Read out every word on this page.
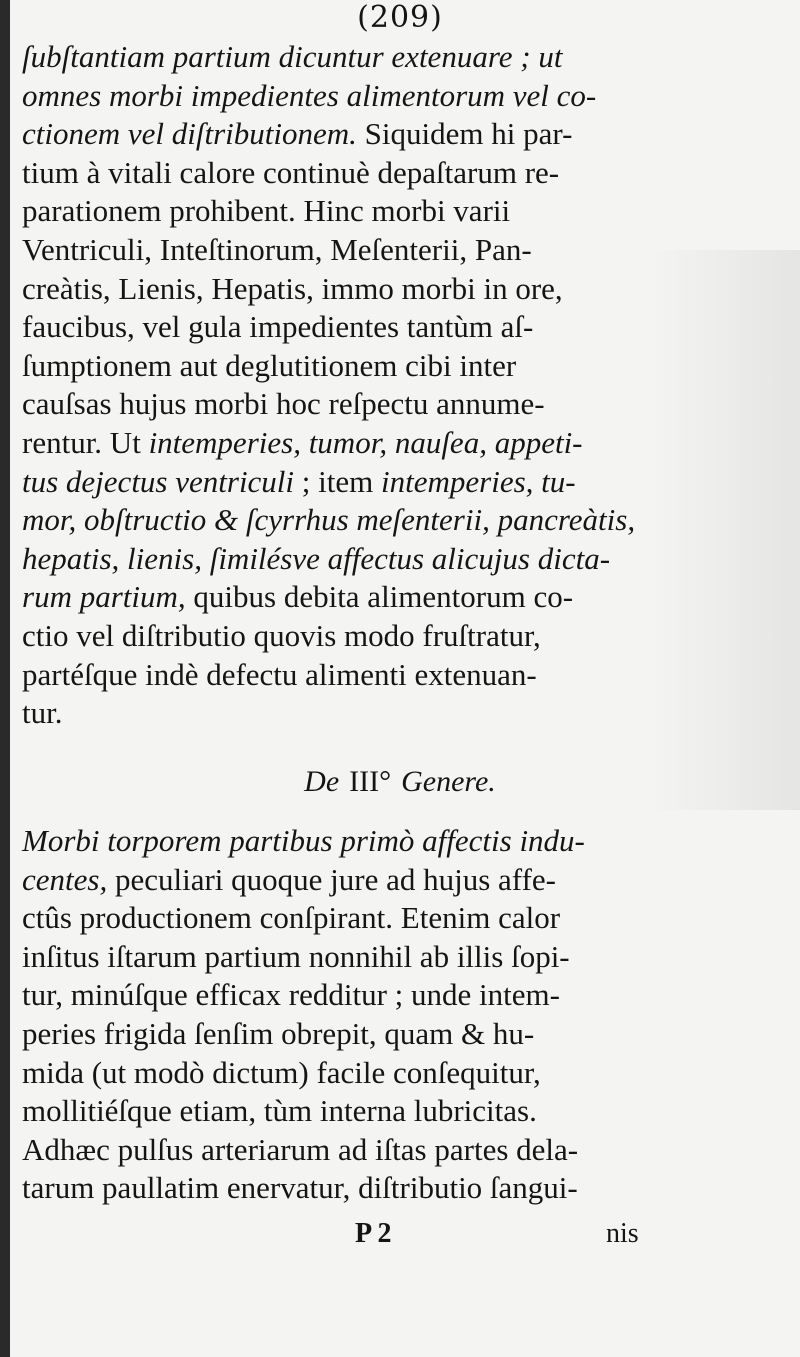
(209)
ſubſtantiam partium dicuntur extenuare ; ut
omnes morbi impedientes alimentorum vel co-
ctionem vel diſtributionem. Siquidem hi par-
tium à vitali calore continuè depaſtarum re-
parationem prohibent. Hinc morbi varii
Ventriculi, Inteſtinorum, Meſenterii, Pan-
creàtis, Lienis, Hepatis, immo morbi in ore,
faucibus, vel gula impedientes tantùm aſ-
ſumptionem aut deglutitionem cibi inter
cauſsas hujus morbi hoc reſpectu annume-
rentur. Ut intemperies, tumor, nauſea, appeti-
tus dejectus ventriculi ; item intemperies, tu-
mor, obſtructio & ſcyrrhus meſenterii, pancreàtis,
hepatis, lienis, ſimilésve affectus alicujus dicta-
rum partium, quibus debita alimentorum co-
ctio vel diſtributio quovis modo fruſtratur,
partéſque indè defectu alimenti extenuan-
tur.
De III° Genere.
Morbi torporem partibus primò affectis indu-
centes, peculiari quoque jure ad hujus affe-
ctûs productionem conſpirant. Etenim calor
inſitus iſtarum partium nonnihil ab illis ſopi-
tur, minúſque efficax redditur ; unde intem-
peries frigida ſenſim obrepit, quam & hu-
mida (ut modò dictum) facile conſequitur,
mollitiéſque etiam, tùm interna lubricitas.
Adhæc pulſus arteriarum ad iſtas partes dela-
tarum paullatim enervatur, diſtributio ſangui-
P 2	nis
